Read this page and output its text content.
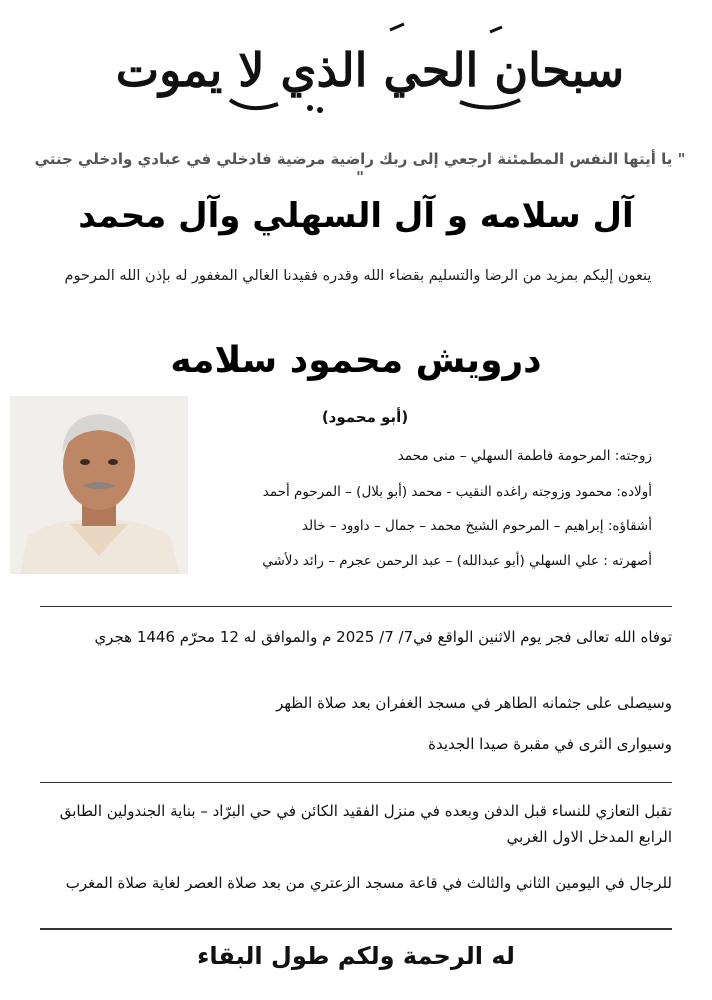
سبحان الحي الذي لا يموت
" يا أيتها النفس المطمئنة ارجعي إلى ربك راضية مرضية فادخلي في عبادي وادخلي جنتي "
آل سلامه و آل السهلي وآل محمد
ينعون إليكم بمزيد من الرضا والتسليم بقضاء الله وقدره فقيدنا الغالي المغفور له بإذن الله المرحوم
درويش محمود سلامه
(أبو محمود)
زوجته: المرحومة فاطمة السهلي – منى محمد
أولاده: محمود وزوجته راغده النقيب - محمد (أبو بلال) – المرحوم أحمد
أشقاؤه: إبراهيم – المرحوم الشيخ محمد – جمال – داوود – خالد
أصهرته : علي السهلي (أبو عبدالله) – عبد الرحمن عجرم – رائد دلأشي
توفاه الله تعالى فجر يوم الاثنين الواقع في7/ 7/ 2025 م والموافق له 12 محرّم 1446 هجري
وسيصلى على جثمانه الطاهر في مسجد الغفران بعد صلاة الظهر
وسيوارى الثرى في مقبرة صيدا الجديدة
تقبل التعازي للنساء قبل الدفن وبعده في منزل الفقيد الكائن في حي البرّاد – بناية الجندولين الطابق الرابع المدخل الاول الغربي
للرجال في اليومين الثاني والثالث في قاعة مسجد الزعتري من بعد صلاة العصر لغاية صلاة المغرب
له الرحمة ولكم طول البقاء
